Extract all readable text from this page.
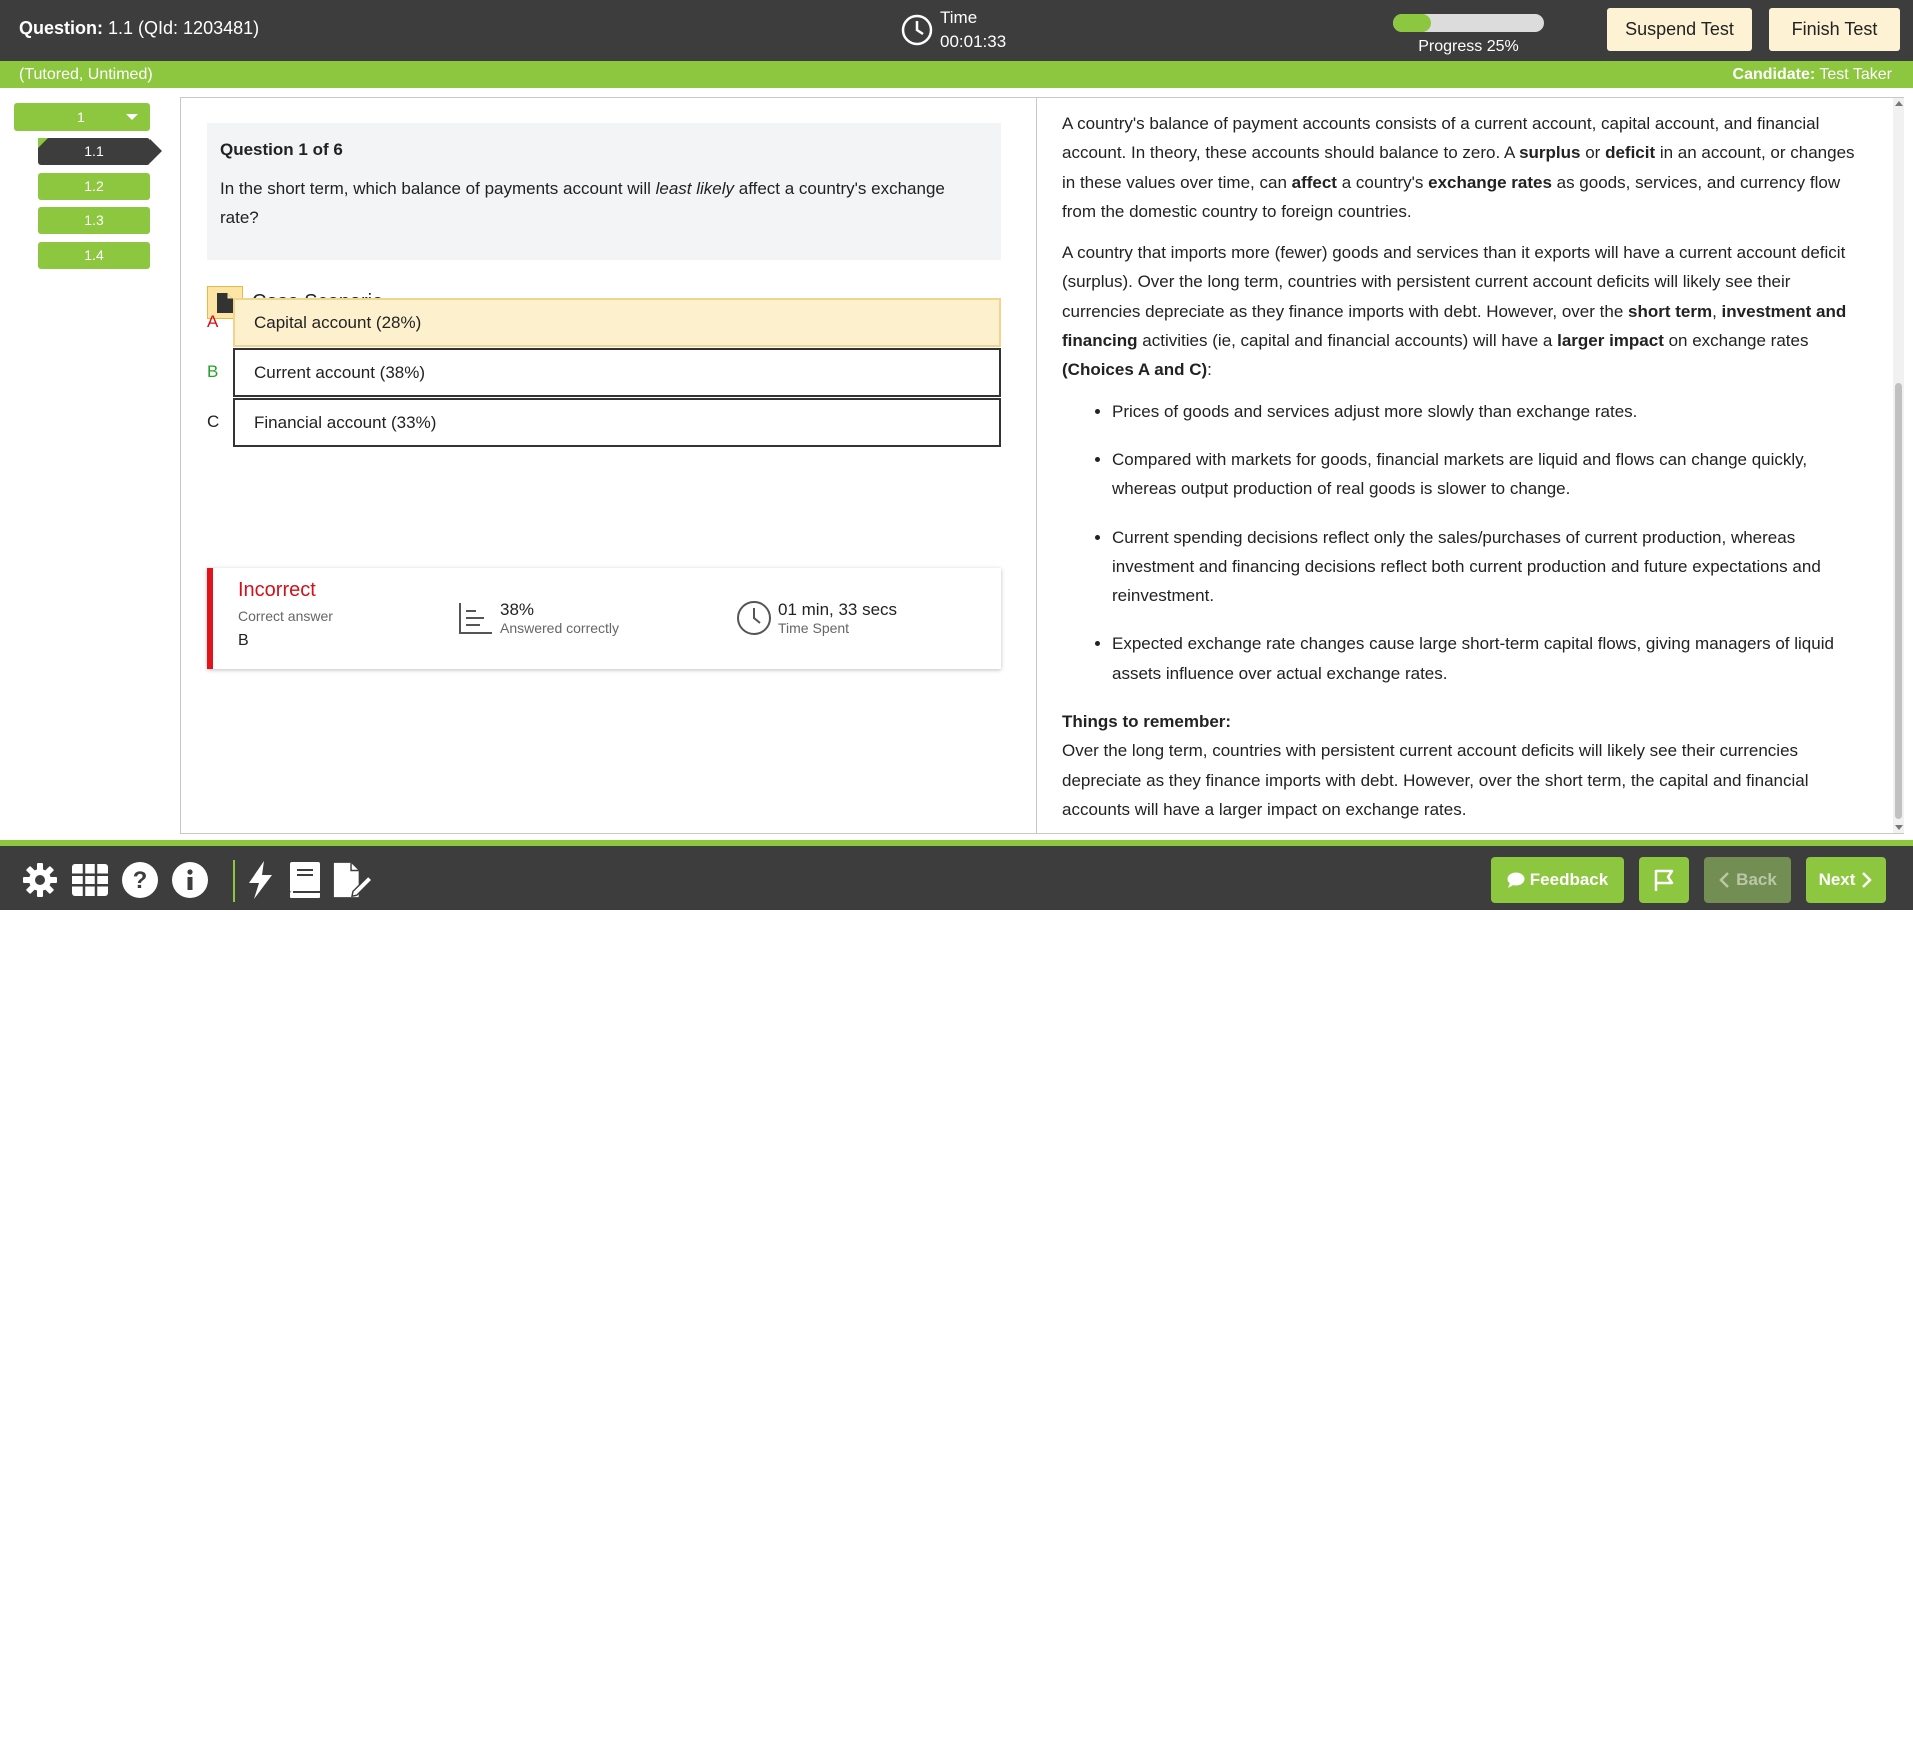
Question: 1.1 (QId: 1203481)
Time
00:01:33	Progress 25%
Suspend Test	Finish Test
(Tutored, Untimed)	Candidate: Test Taker
1
1.1
1.2
1.3
1.4
Question 1 of 6
In the short term, which balance of payments account will least likely affect a country's exchange rate?
A	Capital account (28%)
B	Current account (38%)
C	Financial account (33%)
Incorrect
Correct answer
B
38%
Answered correctly
01 min, 33 secs
Time Spent

A country's balance of payment accounts consists of a current account, capital account, and financial account. In theory, these accounts should balance to zero. A surplus or deficit in an account, or changes in these values over time, can affect a country's exchange rates as goods, services, and currency flow from the domestic country to foreign countries.

A country that imports more (fewer) goods and services than it exports will have a current account deficit (surplus). Over the long term, countries with persistent current account deficits will likely see their currencies depreciate as they finance imports with debt. However, over the short term, investment and financing activities (ie, capital and financial accounts) will have a larger impact on exchange rates (Choices A and C):

• Prices of goods and services adjust more slowly than exchange rates.
• Compared with markets for goods, financial markets are liquid and flows can change quickly, whereas output production of real goods is slower to change.
• Current spending decisions reflect only the sales/purchases of current production, whereas investment and financing decisions reflect both current production and future expectations and reinvestment.
• Expected exchange rate changes cause large short-term capital flows, giving managers of liquid assets influence over actual exchange rates.
Things to remember:
Over the long term, countries with persistent current account deficits will likely see their currencies depreciate as they finance imports with debt. However, over the short term, the capital and financial accounts will have a larger impact on exchange rates.
?
0
Feedback	Back Next
